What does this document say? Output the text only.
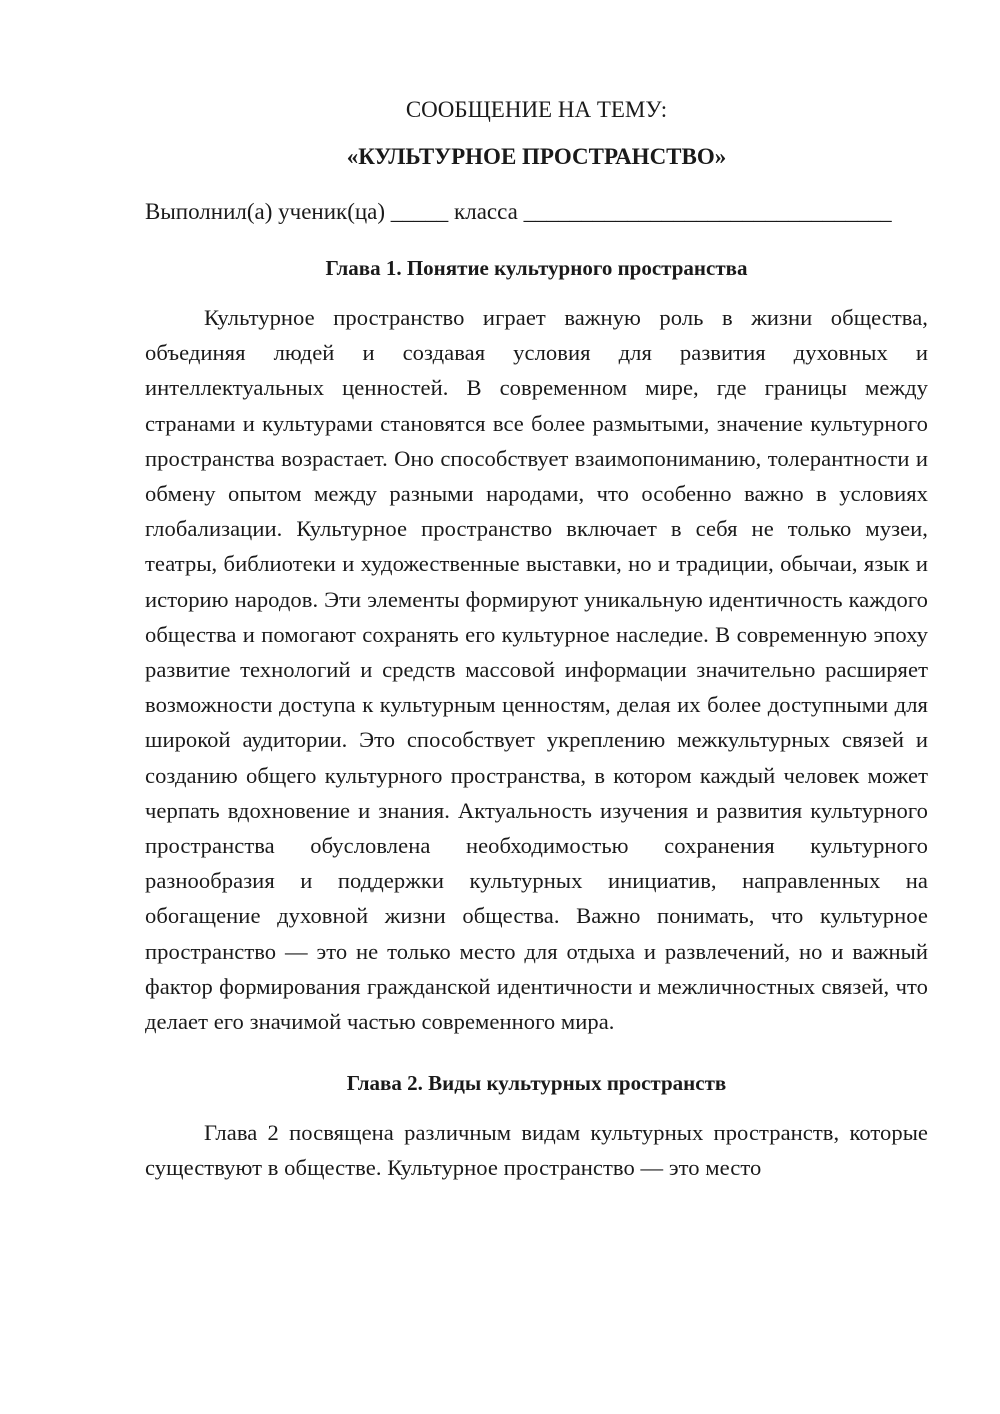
СООБЩЕНИЕ НА ТЕМУ:

«КУЛЬТУРНОЕ ПРОСТРАНСТВО»

Выполнил(а) ученик(ца) _____ класса ________________________________

Глава 1. Понятие культурного пространства

Культурное пространство играет важную роль в жизни общества, объединяя людей и создавая условия для развития духовных и интеллектуальных ценностей. В современном мире, где границы между странами и культурами становятся все более размытыми, значение культурного пространства возрастает. Оно способствует взаимопониманию, толерантности и обмену опытом между разными народами, что особенно важно в условиях глобализации. Культурное пространство включает в себя не только музеи, театры, библиотеки и художественные выставки, но и традиции, обычаи, язык и историю народов. Эти элементы формируют уникальную идентичность каждого общества и помогают сохранять его культурное наследие. В современную эпоху развитие технологий и средств массовой информации значительно расширяет возможности доступа к культурным ценностям, делая их более доступными для широкой аудитории. Это способствует укреплению межкультурных связей и созданию общего культурного пространства, в котором каждый человек может черпать вдохновение и знания. Актуальность изучения и развития культурного пространства обусловлена необходимостью сохранения культурного разнообразия и поддержки культурных инициатив, направленных на обогащение духовной жизни общества. Важно понимать, что культурное пространство — это не только место для отдыха и развлечений, но и важный фактор формирования гражданской идентичности и межличностных связей, что делает его значимой частью современного мира.

Глава 2. Виды культурных пространств

Глава 2 посвящена различным видам культурных пространств, которые существуют в обществе. Культурное пространство — это место
